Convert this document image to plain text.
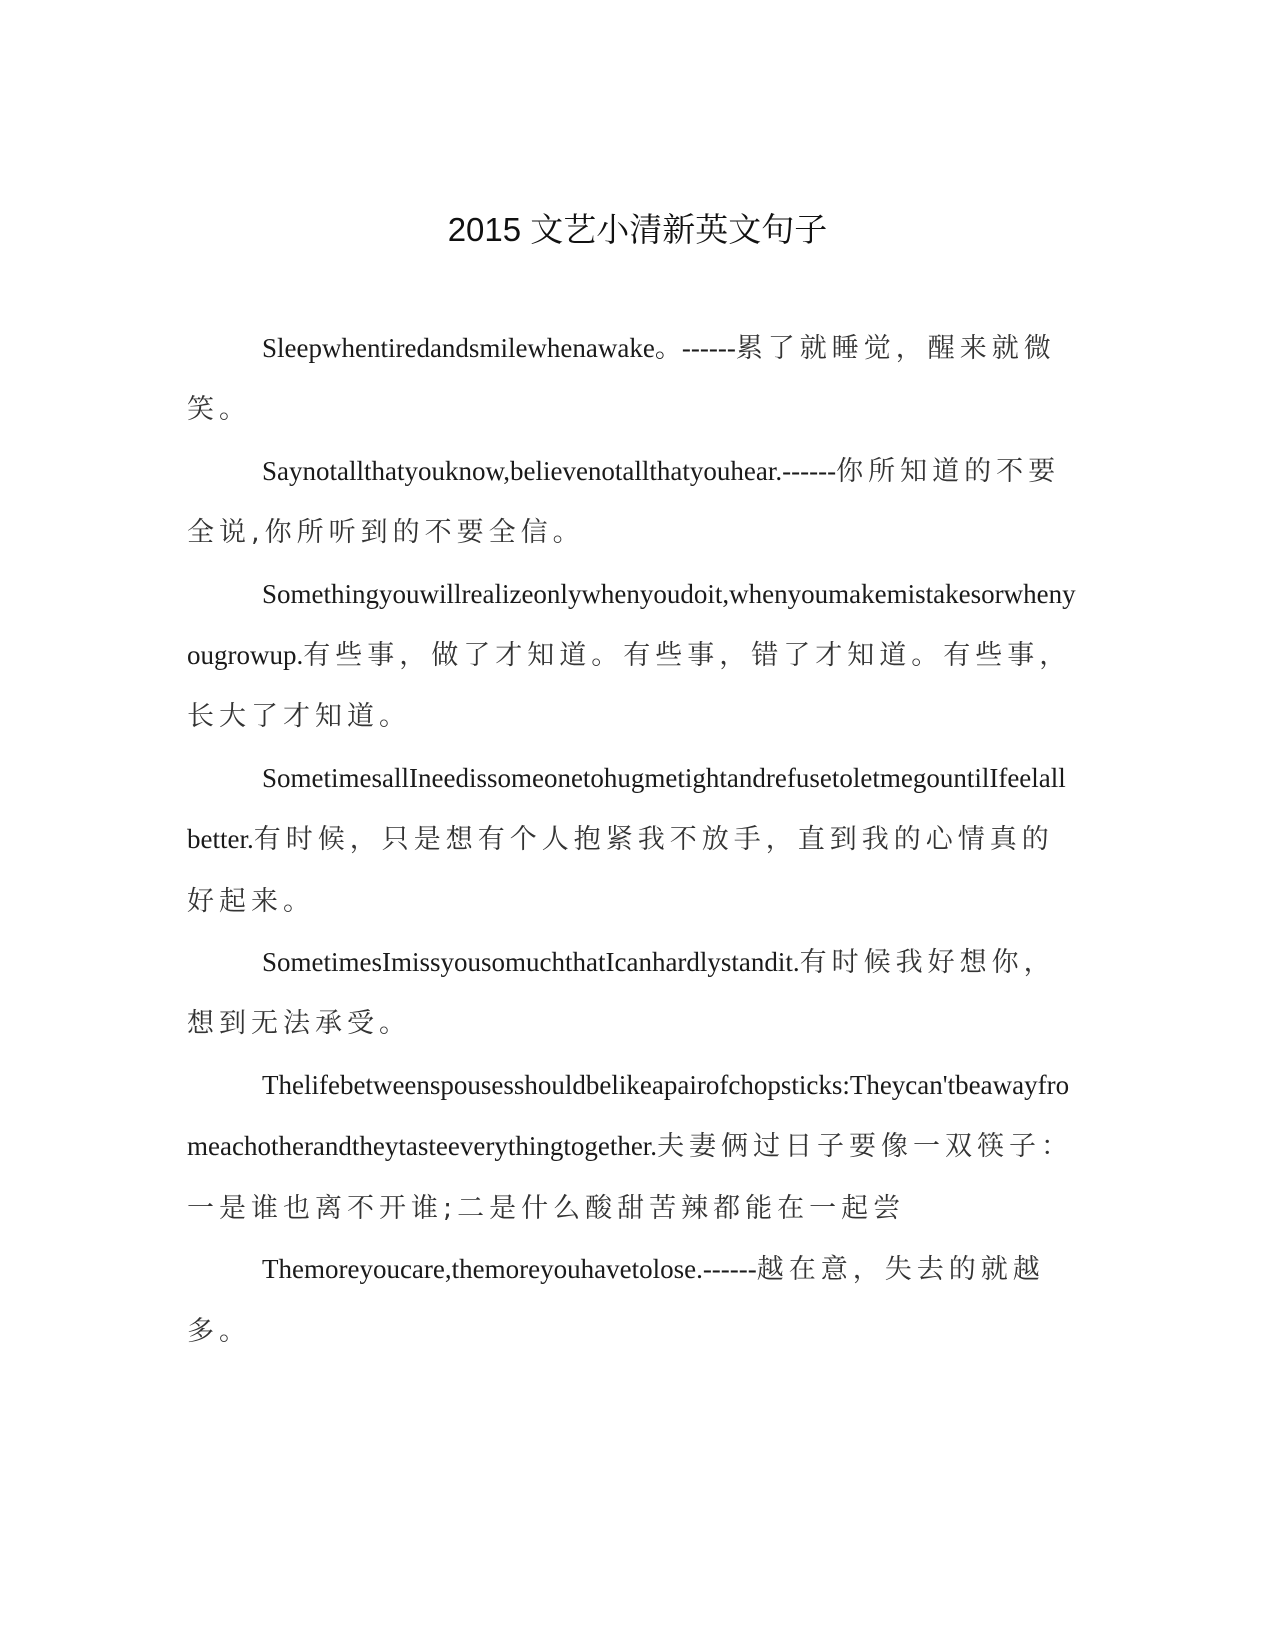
2015 文艺小清新英文句子

Sleepwhentiredandsmilewhenawake。------累了就睡觉，醒来就微笑。

Saynotallthatyouknow,believenotallthatyouhear.------你所知道的不要全说,你所听到的不要全信。

Somethingyouwillrealizeonlywhenyoudoit,whenyoumakemistakesorwhenyougrowup.有些事，做了才知道。有些事，错了才知道。有些事，长大了才知道。

SometimesallIneedissomeonetohugmetightandrefusetoletmegountilIfeelallbetter.有时候，只是想有个人抱紧我不放手，直到我的心情真的好起来。

SometimesImissyousomuchthatIcanhardlystandit.有时候我好想你，想到无法承受。

Thelifebetweenspousesshouldbelikeapairofchopsticks:Theycan'tbeawayfromeachotherandtheytasteeverythingtogether.夫妻俩过日子要像一双筷子：一是谁也离不开谁;二是什么酸甜苦辣都能在一起尝

Themoreyoucare,themoreyouhavetolose.------越在意，失去的就越多。
